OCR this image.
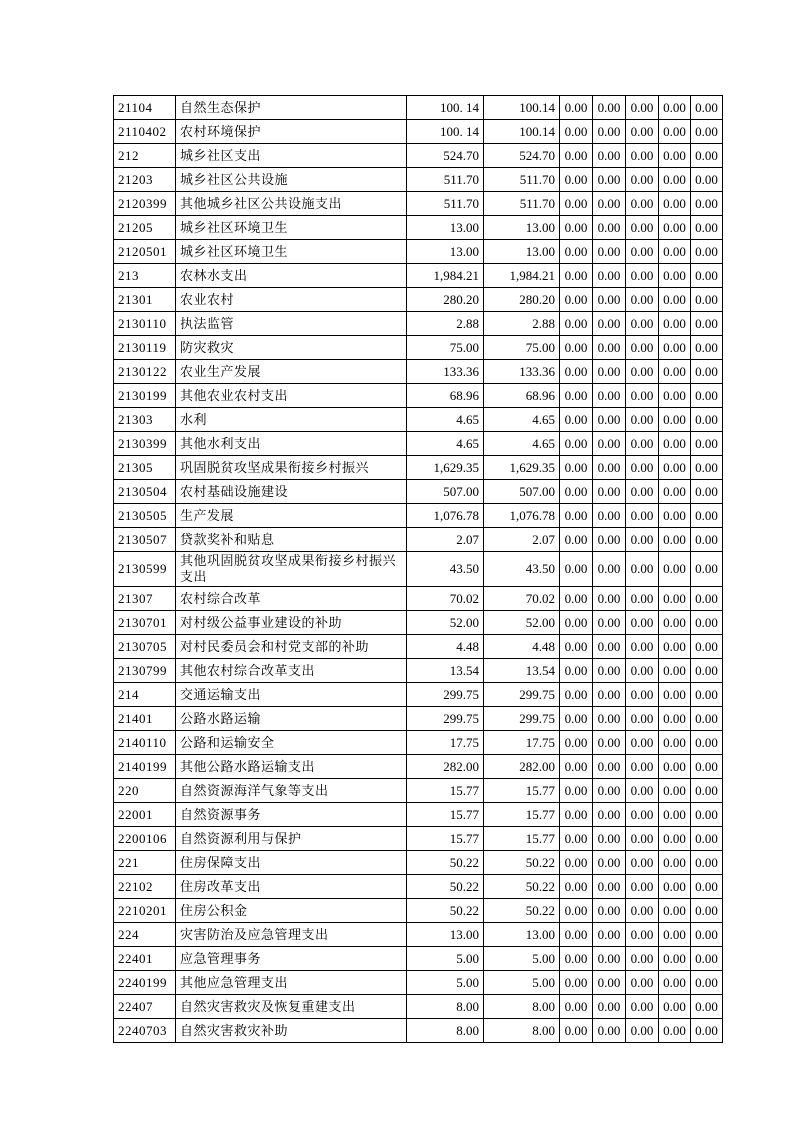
21104	自然生态保护	100. 14	100.14	0.00	0.00	0.00	0.00	0.00
2110402	农村环境保护	100. 14	100.14	0.00	0.00	0.00	0.00	0.00
212	城乡社区支出	524.70	524.70	0.00	0.00	0.00	0.00	0.00
21203	城乡社区公共设施	511.70	511.70	0.00	0.00	0.00	0.00	0.00
2120399	其他城乡社区公共设施支出	511.70	511.70	0.00	0.00	0.00	0.00	0.00
21205	城乡社区环境卫生	13.00	13.00	0.00	0.00	0.00	0.00	0.00
2120501	城乡社区环境卫生	13.00	13.00	0.00	0.00	0.00	0.00	0.00
213	农林水支出	1,984.21	1,984.21	0.00	0.00	0.00	0.00	0.00
21301	农业农村	280.20	280.20	0.00	0.00	0.00	0.00	0.00
2130110	执法监管	2.88	2.88	0.00	0.00	0.00	0.00	0.00
2130119	防灾救灾	75.00	75.00	0.00	0.00	0.00	0.00	0.00
2130122	农业生产发展	133.36	133.36	0.00	0.00	0.00	0.00	0.00
2130199	其他农业农村支出	68.96	68.96	0.00	0.00	0.00	0.00	0.00
21303	水利	4.65	4.65	0.00	0.00	0.00	0.00	0.00
2130399	其他水利支出	4.65	4.65	0.00	0.00	0.00	0.00	0.00
21305	巩固脱贫攻坚成果衔接乡村振兴	1,629.35	1,629.35	0.00	0.00	0.00	0.00	0.00
2130504	农村基础设施建设	507.00	507.00	0.00	0.00	0.00	0.00	0.00
2130505	生产发展	1,076.78	1,076.78	0.00	0.00	0.00	0.00	0.00
2130507	贷款奖补和贴息	2.07	2.07	0.00	0.00	0.00	0.00	0.00
2130599	其他巩固脱贫攻坚成果衔接乡村振兴支出	43.50	43.50	0.00	0.00	0.00	0.00	0.00
21307	农村综合改革	70.02	70.02	0.00	0.00	0.00	0.00	0.00
2130701	对村级公益事业建设的补助	52.00	52.00	0.00	0.00	0.00	0.00	0.00
2130705	对村民委员会和村党支部的补助	4.48	4.48	0.00	0.00	0.00	0.00	0.00
2130799	其他农村综合改革支出	13.54	13.54	0.00	0.00	0.00	0.00	0.00
214	交通运输支出	299.75	299.75	0.00	0.00	0.00	0.00	0.00
21401	公路水路运输	299.75	299.75	0.00	0.00	0.00	0.00	0.00
2140110	公路和运输安全	17.75	17.75	0.00	0.00	0.00	0.00	0.00
2140199	其他公路水路运输支出	282.00	282.00	0.00	0.00	0.00	0.00	0.00
220	自然资源海洋气象等支出	15.77	15.77	0.00	0.00	0.00	0.00	0.00
22001	自然资源事务	15.77	15.77	0.00	0.00	0.00	0.00	0.00
2200106	自然资源利用与保护	15.77	15.77	0.00	0.00	0.00	0.00	0.00
221	住房保障支出	50.22	50.22	0.00	0.00	0.00	0.00	0.00
22102	住房改革支出	50.22	50.22	0.00	0.00	0.00	0.00	0.00
2210201	住房公积金	50.22	50.22	0.00	0.00	0.00	0.00	0.00
224	灾害防治及应急管理支出	13.00	13.00	0.00	0.00	0.00	0.00	0.00
22401	应急管理事务	5.00	5.00	0.00	0.00	0.00	0.00	0.00
2240199	其他应急管理支出	5.00	5.00	0.00	0.00	0.00	0.00	0.00
22407	自然灾害救灾及恢复重建支出	8.00	8.00	0.00	0.00	0.00	0.00	0.00
2240703	自然灾害救灾补助	8.00	8.00	0.00	0.00	0.00	0.00	0.00
